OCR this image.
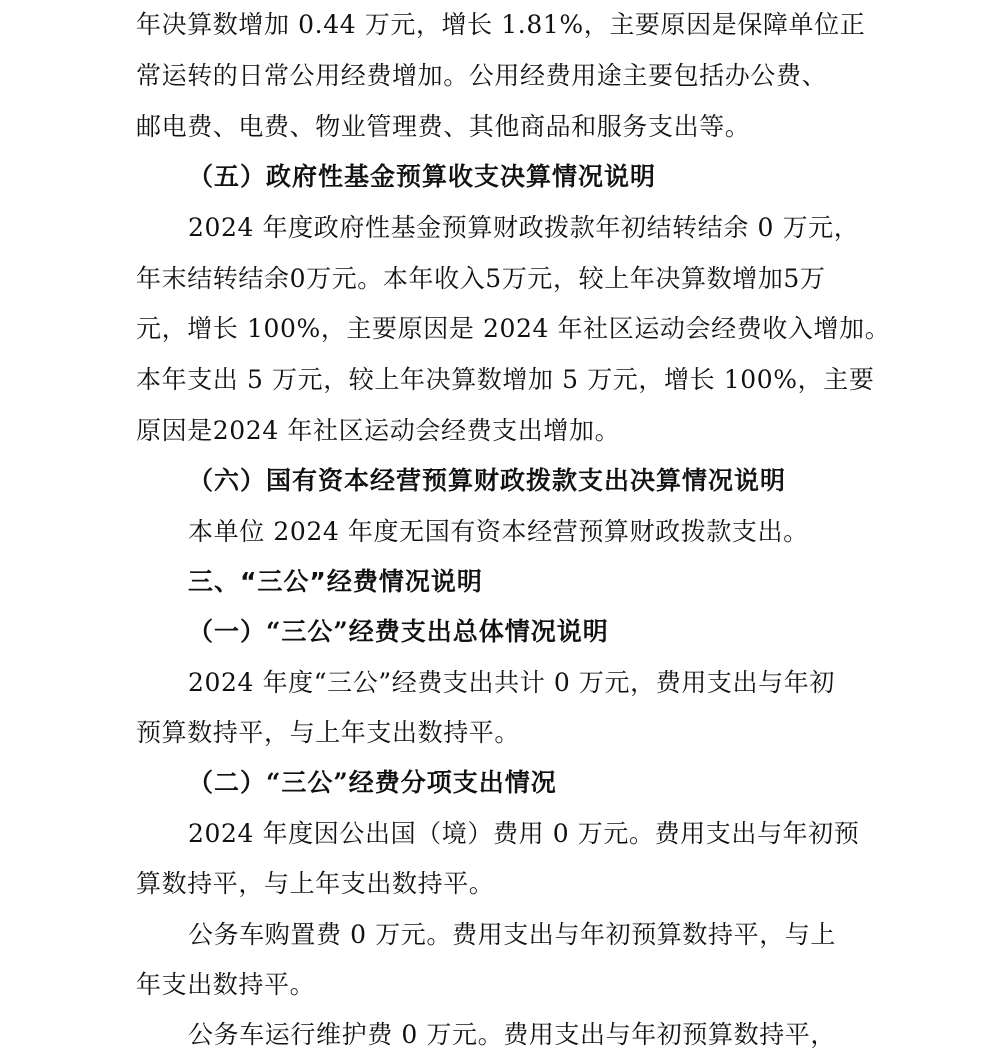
年决算数增加 0.44 万元，增长 1.81%，主要原因是保障单位正
常运转的日常公用经费增加。公用经费用途主要包括办公费、
邮电费、电费、物业管理费、其他商品和服务支出等。
（五）政府性基金预算收支决算情况说明
2024 年度政府性基金预算财政拨款年初结转结余 0 万元，
年末结转结余0万元。本年收入5万元，较上年决算数增加5万
元，增长 100%，主要原因是 2024 年社区运动会经费收入增加。
本年支出 5 万元，较上年决算数增加 5 万元，增长 100%，主要
原因是2024 年社区运动会经费支出增加。
（六）国有资本经营预算财政拨款支出决算情况说明
本单位 2024 年度无国有资本经营预算财政拨款支出。
三、“三公”经费情况说明
（一）“三公”经费支出总体情况说明
2024 年度“三公”经费支出共计 0 万元，费用支出与年初
预算数持平，与上年支出数持平。
（二）“三公”经费分项支出情况
2024 年度因公出国（境）费用 0 万元。费用支出与年初预
算数持平，与上年支出数持平。
公务车购置费 0 万元。费用支出与年初预算数持平，与上
年支出数持平。
公务车运行维护费 0 万元。费用支出与年初预算数持平，
